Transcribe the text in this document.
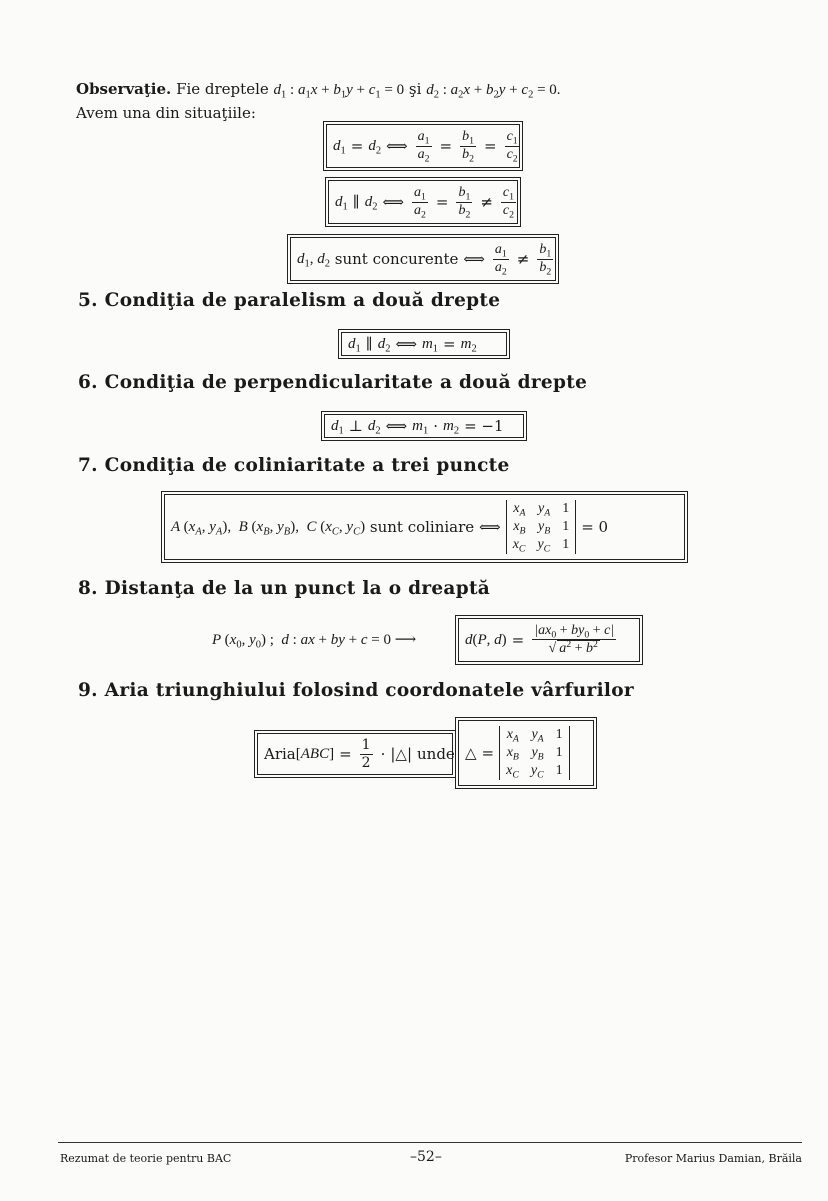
Observaţie. Fie dreptele $d_1$ : $a_1x + b_1y + c_1 = 0$ şi $d_2$ : $a_2x + b_2y + c_2 = 0$.
Avem una din situaţiile:
$d_1 = d_2$ ⟺ $\frac{a_1}{a_2} = \frac{b_1}{b_2} = \frac{c_1}{c_2}$
$d_1$ ∥ $d_2$ ⟺ $\frac{a_1}{a_2} = \frac{b_1}{b_2} \ne \frac{c_1}{c_2}$
$d_1$, $d_2$
sunt concurente ⟺ $\frac{a_1}{a_2} \ne \frac{b_1}{b_2}$
5. Condiţia de paralelism a două drepte
$d_1$ ∥ $d_2$ ⟺ $m_1 = m_2$
6. Condiţia de perpendicularitate a două drepte
$d_1$ ⊥ $d_2$ ⟺ $m_1 \cdot m_2 = -1$
7. Condiţia de coliniaritate a trei puncte
A ($x_A$, $y_A$),  B ($x_B$, $y_B$),  C ($x_C$, $y_C$)
sunt coliniare ⟺
$x_A$ $y_A$ 1
$x_B$ $y_B$ 1
$x_C$ $y_C$ 1
= 0
8. Distanţa de la un punct la o dreaptă
P ($x_0$, $y_0$) ;  d : ax + by + c = 0 ⟶	d(P, $d) = \frac{|ax_0 + by_0 + c|}{√ a^2 + b^2}$
9. Aria triunghiului folosind coordonatele vârfurilor
Aria $[ABC] = \frac{1}{2}$ · |△| unde △ =
$x_A$ $y_A$ 1
$x_B$ $y_B$ 1
$x_C$ $y_C$ 1
Rezumat de teorie pentru BAC	–52–	Profesor Marius Damian, Brăila
